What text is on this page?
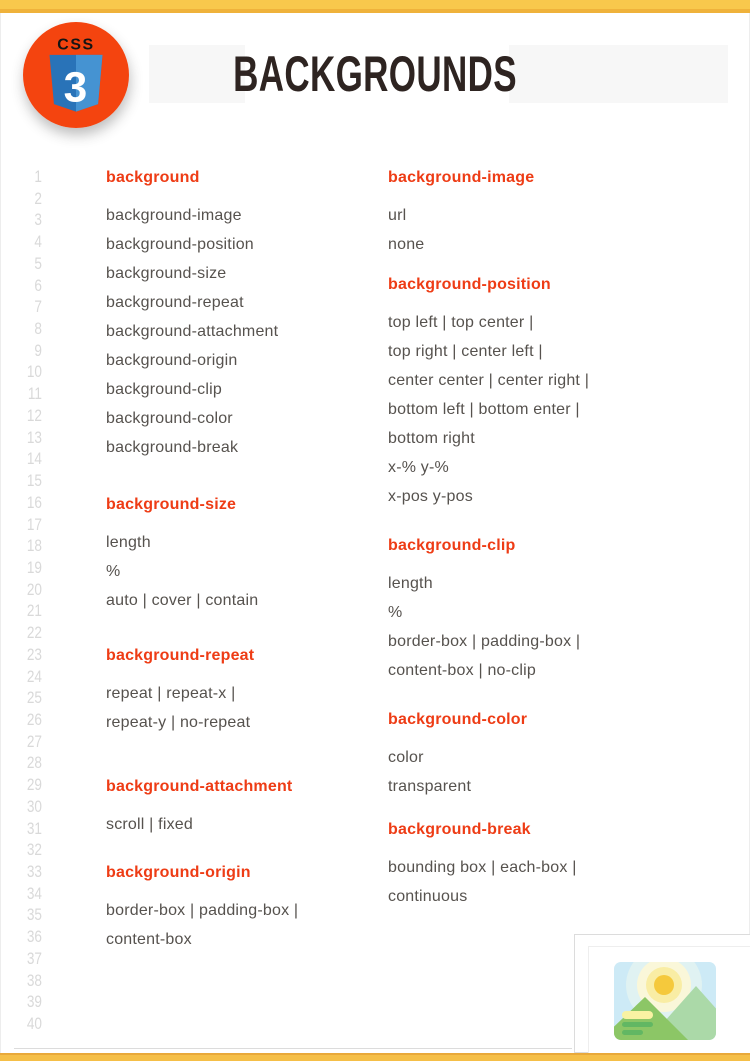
CSS
3	BACKGROUNDS
1
2
3
4
5
6
7
8
9
10
11
12
13
14
15
16
17
18
19
20
21
22
23
24
25
26
27
28
29
30
31
32
33
34
35
36
37
38
39
40
background
background-image
background-position
background-size
background-repeat
background-attachment
background-origin
background-clip
background-color
background-break
background-size
length
%
auto | cover | contain
background-repeat
repeat | repeat-x |
repeat-y | no-repeat
background-attachment
scroll | fixed
background-origin
border-box | padding-box |
content-box
background-image
url
none
background-position
top left | top center |
top right | center left |
center center | center right |
bottom left | bottom enter |
bottom right
x-% y-%
x-pos y-pos
background-clip
length
%
border-box | padding-box |
content-box | no-clip
background-color
color
transparent
background-break
bounding box | each-box |
continuous
